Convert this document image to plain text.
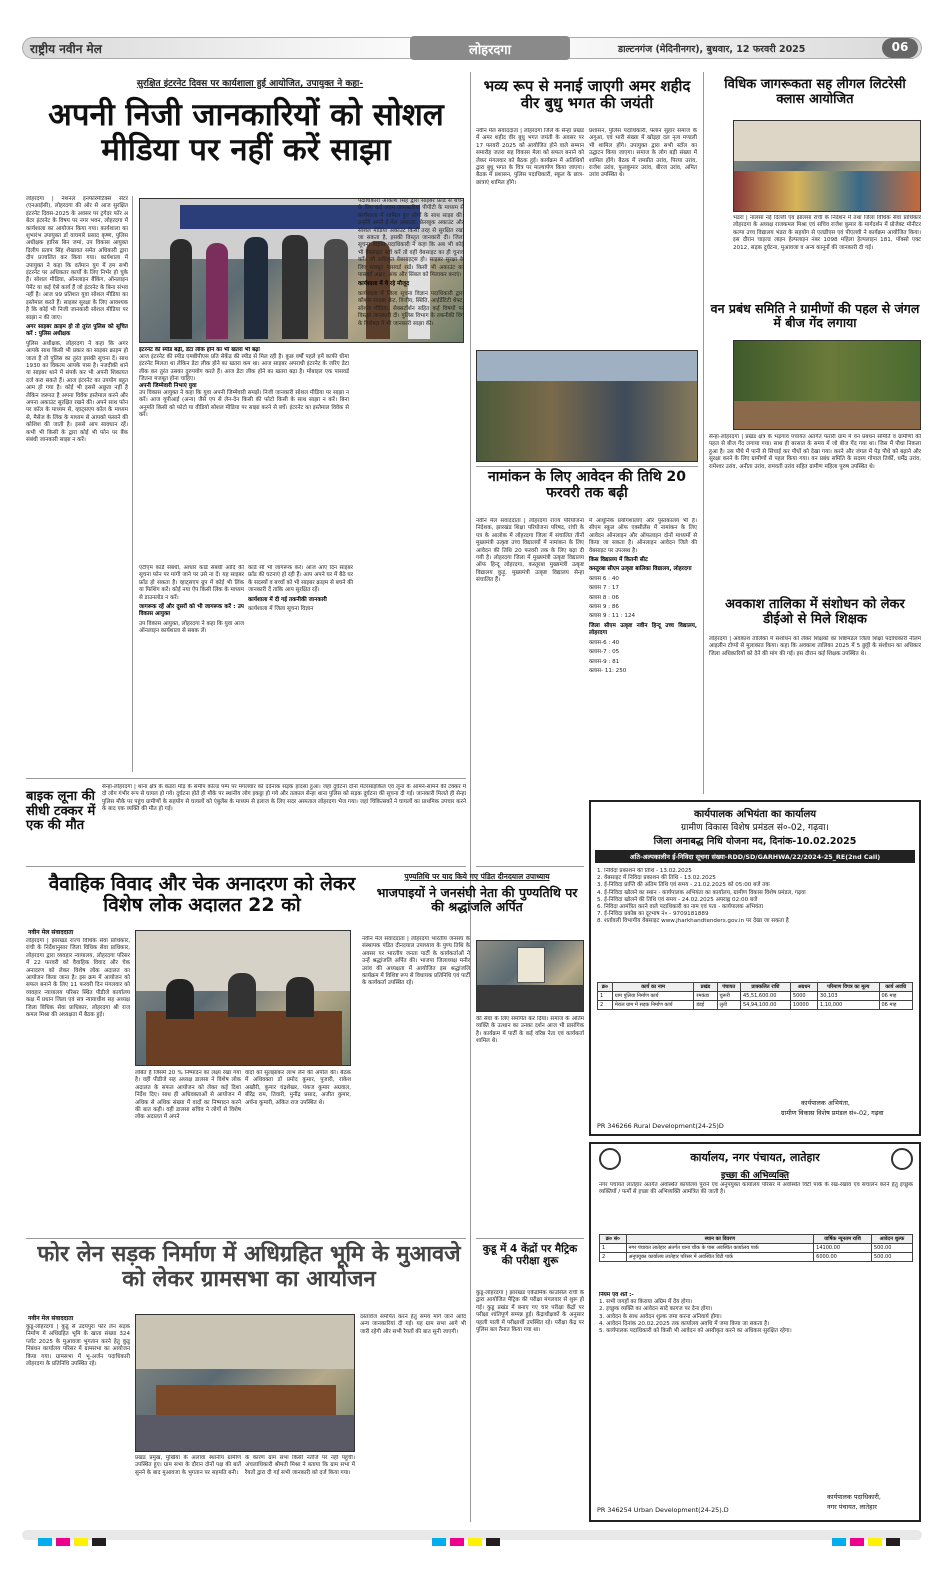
राष्ट्रीय नवीन मेल	लोहरदगा	डाल्टनगंज (मेदिनीनगर), बुधवार, 12 फरवरी 2025	06
सुरक्षित इंटरनेट दिवस पर कार्यशाला हुई आयोजित, उपायुक्त ने कहा-
अपनी निजी जानकारियों को सोशल मीडिया पर नहीं करें साझा

लोहरदगा | नेशनल इनफॉरमेटिक्स सेंटर (एनआईसी), लोहरदगा की ओर से आज सुरक्षित इंटरनेट दिवस-2025 के अवसर पर ट्रगेदर फॉर अ बेटर इंटरनेट के विषय पर नगर भवन, लोहरदगा में कार्यशाला का आयोजन किया गया। कार्यशाला का शुभारंभ उपायुक्त डॉ वाघमारे प्रसाद कृष्ण, पुलिस अधीक्षक हारिस बिन जमां, उप विकास आयुक्त दिलीप प्रताप सिंह शेखावत समेत अधिकारी द्वारा दीप प्रज्वलित कर किया गया। कार्यशाला में उपायुक्त ने कहा कि वर्तमान युग में हम सभी इंटरनेट पर अधिकतर कार्यों के लिए निर्भर हो चुके हैं। सोशल मीडिया, ऑनलाइन बैंकिंग, ऑनलाइन पेमेंट या कई ऐसे कार्य हैं जो इंटरनेट के बिना संभव नहीं है। आज 99 प्रतिशत युवा सोशल मीडिया का इस्तेमाल करते हैं। साइबर सुरक्षा के लिए आवश्यक है कि कोई भी निजी जानकारी सोशल मीडिया पर साझा न की जाए।

अगर साइबर क्राइम हो तो तुरंत पुलिस को सूचित करें : पुलिस अधीक्षक

पुलिस अधीक्षक, लोहरदगा ने कहा कि अगर आपके साथ किसी भी प्रकार का साइबर क्राइम हो जाता है तो पुलिस का तुरंत इसकी सूचना दें। साथ 1930 का विकल्प आपके पास है। नजदीकी थाने या साइबर थाने में संपर्क कर भी अपनी शिकायत दर्ज करा सकते हैं। आज इंटरनेट का उपयोग बहुत आम हो गया है। कोई भी इससे अछूता नहीं है लेकिन जरूरत है अपना विवेक इस्तेमाल करने और अपना अकाउंट सुरक्षित रखने की। अपने साथ फोन पर कॉल के माध्यम से, व्हाट्सएप कॉल के माध्यम से, मैसेज के लिंक के माध्यम से आपको फंसाने की कोशिश की जाती है। इससे आप सावधान रहें। कभी भी किसी के द्वारा कोई भी फोन पर बैंक संबंधी जानकारी साझा न करें।

इंटरनेट की स्पीड बढ़ी, डेटा लीक होने का भी खतरा भी बढ़ा

आज इंटरनेट की स्पीड एमबीपीएस प्रति सेकेंड की स्पीड से मिल रही है। कुछ वर्षों पहले हमें काफी धीमा इंटरनेट मिलता था लेकिन डेटा लीक होने का खतरा कम था। आज साइबर अपराधी इंटरनेट के जरिए डेटा लीक कर तुरंत उसका दुरुपयोग करते हैं। आज डेटा लीक होने का खतरा बढ़ा है। मोबाइल एक पासवर्ड जितना मजबूत होना चाहिए।

अपनी जिम्मेवारी निभाएं युवा

उप विकास आयुक्त ने कहा कि युवा अपनी जिम्मेवारी समझें। निजी जानकारी सोशल मीडिया पर साझा न करें। आज यूपीआई (अन्य) जैसे एप से लेन-देन किसी की फोटो किसी के साथ साझा न करें। बिना अनुमति किसी को फोटो या वीडियो सोशल मीडिया पर साझा करने से बचें। इंटरनेट का इस्तेमाल विवेक से करें।

पदाधिकारी आकाश सिंह द्वारा साइबर फ्रॉड से बचने के लिए कई अहम जानकारियां पीपीटी के माध्यम से कार्यशाला में शामिल हुए लोगों के साथ साझा की। उन्होंने अपने ई-मेल अकाउंट, फ्रेसबुक अकाउंट और सोशल मीडिया अकाउंट किसी तरह से सुरक्षित रखा जा सकता है, इसकी विस्तृत जानकारी दी। जिला सूचना विज्ञान पदाधिकारी ने कहा कि अब भी कोई भी वेबसाइट सर्च करें तो वहीं वेबसाइट का ही चुनाव करें। जो अधिकृत वेबसाइट्स हो। साइबर सुरक्षा के लिए मजबूत पासवर्ड रखें। किसी भी अकाउंट का पासवर्ड अक्षर, अंक और सिंबल को मिलाकर बनाएं।

कार्यशाला में ये रहे मौजूद

कार्यशाला में जिला सूचना विज्ञान पदाधिकारी द्वारा कौशल साइबर क्रेट, वित्तीय, स्थिति, आईडेंटिटी थेफ्ट, सोशल मीडिया, सेक्सटॉर्शन सहित कई विषयों पर विस्तृत जानकारी दी। पुलिस विभाग के तकनीकी विंग के विशेषज्ञ ने भी जानकारी साझा की।

एटीएम कार्ड संबंधी, आधार कार्ड संबंधी आदि की सूचना फोन पर मांगी जाने पर उसे ना दें। यह साइबर फ्रॉड हो सकता है। व्हाट्सएप ग्रुप में कोई भी लिंक या फिशिंग करें। कोई नया ऐप किसी लिंक के माध्यम से डाउनलोड न करें।

जागरूक रहें और दूसरों को भी जागरूक करें : उप विकास आयुक्त

उप विकास आयुक्त, लोहरदगा ने कहा कि युवा आज ऑनलाइन कार्यशाला से सबक लें।

कार्ड सी भी जागरूक करें। आज आए दिन साइबर फ्रॉड की घटनाएं हो रही हैं। आप अपने घर में बैठे घर के सदस्यों व बच्चों को भी साइबर क्राइम से बचने की जानकारी दें ताकि आप सुरक्षित रहें।

कार्यशाला में दी गई तकनीकी जानकारी

कार्यशाला में जिला सूचना विज्ञान

बाइक लूना की सीधी टक्कर में एक की मौत
सेन्हा-लोहरदगा | थाना क्षेत्र के कंडरा मोड़ के समीप कोल्ड पम्प पर मंगलवार को दर्दनाक सड़क हादसा हुआ। जहां दुर्घटना दोनों मेटरसाइकिल एवं लूना के आमने-सामने की टक्कर में दो लोग गंभीर रूप से घायल हो गये। दुर्घटना होते ही मौके पर स्थानीय लोग इकट्ठा हो गये और तत्काल सेन्हा थाना पुलिस को सड़क दुर्घटना की सूचना दी गई। जानकारी मिलते ही सेन्हा पुलिस मौके पर पहुंच ग्रामीणों के सहयोग से घायलों को एंबुलेंस के माध्यम से इलाज के लिए सदर अस्पताल लोहरदगा भेज गया। जहां चिकित्सकों ने घायलों का प्राथमिक उपचार करने के बाद एक व्यक्ति की मौत हो गई।
वैवाहिक विवाद और चेक अनादरण को लेकर विशेष लोक अदालत 22 को
नवीन मेल संवाददाता
लोहरदगा | झारखंड राज्य विधिक सेवा प्राधिकार, रांची के निर्देशानुसार जिला विधिक सेवा प्राधिकार, लोहरदगा द्वारा व्यवहार न्यायालय, लोहरदगा परिसर में 22 फरवरी को वैवाहिक विवाद और चेक अनादरण को लेकर विशेष लोक अदालत का आयोजन किया जाना है। इस क्रम में आयोजन को सफल बनाने के लिए 11 फरवरी दिन मंगलवार को व्यवहार न्यायालय परिसर स्थित पीडीजे कार्यालय कक्ष में प्रधान जिला एवं सत्र न्यायाधीश सह अध्यक्ष जिला विधिक सेवा प्राधिकार, लोहरदगा श्री राज कमल मिश्रा की अध्यक्षता में बैठक हुई।
लंबित हैं जिसमें 20 % निष्पादन का लक्ष्य रखा गया है। वहीं पीडीजे सह अध्यक्ष डालसा ने विशेष लोक अदालत के सफल आयोजन को लेकर कई दिशा निर्देश दिए। साथ ही अधिवक्ताओं से आयोजन में अधिक से अधिक संख्या में वादों का निष्पादन करने की बात कही। वहीं डालसा सचिव ने लोगों से विशेष लोक अदालत में अपने
वादों को सुलझाकर लाभ लेने की अपील की। बैठक में अधिवक्ता डॉ प्रमोद कुमार, पुजारी, राकेश अखौरी, कुमार चंद्रशेखर, पंकज कुमार अग्रवाल, बीरेंद्र राम, तिवारी, मुनींद्र प्रसाद, अजीत कुमार, अर्चना कुमारी, अंकित राज उपस्थित थे।
फोर लेन सड़क निर्माण में अधिग्रहित भूमि के मुआवजे को लेकर ग्रामसभा का आयोजन
नवीन मेल संवाददाता
कुडू-लोहरदगा | कुडू से उदयपुरा फोर लेन सड़क निर्माण में अधिग्रहित भूमि के खाता संख्या 324 प्लॉट 2025 के मुआवजा भुगतान करने हेतु कुडू निबंधन कार्यालय परिसर में ग्रामसभा का आयोजन किया गया। ग्रामसभा में भू-अर्जन पदाधिकारी लोहरदगा के प्रतिनिधि उपस्थित रहे।
प्रखंड प्रमुख, मुखिया के अलावा स्थानीय ग्रामीण उपस्थित हुए। ग्राम सभा के दौरान दोनों पक्ष की बातें सुनने के बाद मुआवजा के भुगतान पर सहमति बनी।
के कारण ग्राम सभा किसी नतीजे पर नहीं पहुंची। अंचलाधिकारी श्रीमती मिश्रा ने बताया कि ग्राम सभा में रैयतों द्वारा दी गई सभी जानकारी को दर्ज किया गया।
दस्तावेज समर्पित करने हेतु समय मांगे जाने आदि अन्य जानकारियां दी गई। यह ग्राम सभा आगे भी जारी रहेगी और सभी रैयतों की बात सुनी जाएगी।
भव्य रूप से मनाई जाएगी अमर शहीद वीर बुधु भगत की जयंती
नवीन मेल संवाददाता | लोहरदगा जिले के सेन्हा प्रखंड में अमर शहीद वीर बुधु भगत जयंती के अवसर पर 17 फरवरी 2025 को आयोजित होने वाले सम्मान समारोह जतरा सह विकास मेला को सफल बनाने को लेकर मंगलवार को बैठक हुई। कार्यक्रम में अतिथियों द्वारा बुधु भगत के चित्र पर माल्यार्पण किया जाएगा। बैठक में प्रशासन, पुलिस पदाधिकारी, स्कूल के छात्र-छात्राएं शामिल होंगे।
प्रशासन, पुलिस पदाधिकारी, फ्लान सुहार समाज के अगुआ, एवं भारी संख्या में खोड़हा दल नृत्य मण्डली भी शामिल होंगे। उपायुक्त द्वारा सभी स्टॉल का उद्घाटन किया जाएगा। समाज के लोग बड़ी संख्या में शामिल होंगे। बैठक में रामप्रीत उरांव, पिरया उरांव, राजेश उरांव, फुलकुमार उरांव, बीरज उरांव, अमित उरांव उपस्थित थे।
नामांकन के लिए आवेदन की तिथि 20 फरवरी तक बढ़ी
नवीन मेल संवाददाता | लोहरदगा राज्य परियोजना निदेशक, झारखंड शिक्षा परियोजना परिषद, रांची के पत्र के आलोक में लोहरदगा जिला में संचालित तीनों मुख्यमंत्री उत्कृष्ट उच्च विद्यालयों में नामांकन के लिए आवेदन की तिथि 20 फरवरी तक के लिए बढ़ा दी गयी है। लोहरदगा जिला में मुख्यमंत्री उत्कृष्ट विद्यालय ऑफ हिन्दू लोहरदगा, कस्तूरबा मुख्यमंत्री उत्कृष्ट विद्यालय कुड़ु, मुख्यमंत्री उत्कृष्ट विद्यालय सेन्हा संचालित हैं।

में आधुनिक प्रयोगशालाएं और पुस्तकालय भी हैं। सीएम स्कूल ऑफ एक्सीलेंस में नामांकन के लिए आवेदन ऑनलाइन और ऑफलाइन दोनों माध्यमों से किया जा सकता है। ऑनलाइन आवेदन जिले की वेबसाइट पर उपलब्ध है।

किस विद्यालय में कितनी सीट

कस्तूरबा सीएम उत्कृष्ट बालिका विद्यालय, लोहरदगा

क्लास 6 : 40

क्लास 7 : 17

क्लास 8 : 06

क्लास 9 : 86

क्लास 9 : 11 : 124

जिला सीएम उत्कृष्ट नवीन हिन्दू उच्च विद्यालय, लोहरदगा

क्लास-6 : 40

क्लास-7 : 05

क्लास-9 : 81

क्लास- 11: 250

विधिक जागरूकता सह लीगल लिटरेसी क्लास आयोजित
भंडरा | नालसा नई दिल्ली एवं झालसा रांची के निर्देशन में तथा जिला विधिक सेवा प्राधिकार लोहरदगा के अध्यक्ष राजकमल मिश्रा एवं सचिव राजेश कुमार के मार्गदर्शन में प्रोजेक्ट मोनीटर कल्पा उच्च विद्यालय भंडरा के सहयोग से एलडीएस एवं पीएलवी ने कार्यक्रम आयोजित किया। इस दौरान चाइल्ड लाइन हेल्पलाइन नंबर 1098 महिला हेल्पलाइन 181, पॉक्सो एक्ट 2012, सड़क दुर्घटना, मुआवजा व अन्य कानूनों की जानकारी दी गई।
वन प्रबंध समिति ने ग्रामीणों की पहल से जंगल में बीज गेंद लगाया
सेन्हा-लोहरदगा | प्रखंड क्षेत्र के भड़गांव पंचायत अंतर्गत फरारी ग्राम में वन प्रबंधन समिति व ग्रामीणों की पहल से बीज गेंद लगाया गया। साथ ही बरसात के समय में जो बीज गेंद गया था। जिस में पौधा निकला हुआ है। उस पौधे में पानी से सिंचाई कर पौधों को देखा गया। करने और जंगल में पेड़ पौधे को बढ़ाने और सुरक्षा करने के लिए ग्रामीणों से पहल किया गया। वन प्रबंध समिति के सदस्य गोपाल तिर्की, धर्मेंद्र उरांव, रामेश्वर उरांव, अनीता उरांव, रामवती उरांव सहित ग्रामीण महिला पुरुष उपस्थित थे।
अवकाश तालिका में संशोधन को लेकर डीईओ से मिले शिक्षक
लोहरदगा | अवकाश तालिका में संशोधन को लेकर शिक्षकों का शिष्टमंडल जिला शिक्षा पदाधिकारी नीलम आइलीन टोप्पो से मुलाकात किया। कहा कि अवकाश तालिका 2025 में 5 छुट्टी के संशोधन का अधिकार जिला अधिकारियों को देने की मांग की गई। इस दौरान कई शिक्षक उपस्थित थे।
कार्यपालक अभियंता का कार्यालय
ग्रामीण विकास विशेष प्रमंडल सं०-02, गढ़वा।
जिला अनाबद्ध निधि योजना मद, दिनांक-10.02.2025
अति-अल्पकालीन ई-निविदा सूचना संख्या-RDD/SD/GARHWA/22/2024-25_RE(2nd Call)

1. निविदा प्रकाशन की तिथि - 13.02.2025

2. वेबसाइट में निविदा प्रकाशन की तिथि - 13.02.2025

3. ई-निविदा प्राप्ति की अंतिम तिथि एवं समय - 21.02.2025 को 05:00 बजे तक

4. ई-निविदा खोलने का स्थान - कार्यपालक अभियंता का कार्यालय, ग्रामीण विकास विशेष प्रमंडल, गढ़वा

5. ई-निविदा खोलने की तिथि एवं समय - 24.02.2025 अपराह्न 02:00 बजे

6. निविदा आमंत्रित करने वाले पदाधिकारी का नाम एवं पता - कार्यपालक अभियंता

7. ई-निविदा प्रकोष्ठ का दूरभाष नं० - 9709181889

8. शर्तावली विभागीय वेबसाइट www.jharkhandtenders.gov.in पर देखा जा सकता है

क्र०	कार्य का नाम	प्रखंड	पंचायत	प्राक्कलित राशि	अग्रधन	परिमाण विपत्र का मूल्य	कार्य अवधि
1	ग्राम पुलिया निर्माण कार्य	रमकंडा	चुरूरी	45,51,600.00	5000	30,103	06 माह
2	मेराल ग्राम में सड़क निर्माण कार्य	डंडई	लुती	54,94,100.00	10000	1,10,000	06 माह
कार्यपालक अभियंता,
ग्रामीण विकास विशेष प्रमंडल सं०-02, गढ़वा
PR 346266 Rural Development(24-25)D
कार्यालय, नगर पंचायत, लातेहार
इच्छा की अभिव्यक्ति
नगर पंचायत लातेहार अंतर्गत अवस्थित कार्यालय पुराने एवं अनुपयुक्त कार्यालय परिसर में अवस्थित विटी पार्क के रख-रखाव एवं संचालन करने हेतु इच्छुक व्यक्तियों / फर्मों से इच्छा की अभिव्यक्ति आमंत्रित की जाती है।
क्र० सं०	स्थान का विवरण	वार्षिक न्यूनतम राशि	आवेदन शुल्क
1	नगर पंचायत लातेहार अंतर्गत थाना चौक के पास अवस्थित कार्यालय पार्क	14100.00	500.00
2	अनुपयुक्त कार्यालय लातेहार परिसर में अवस्थित विटी पार्क	6000.00	500.00

नियम एवं शर्तें :-

1. सभी जगहों का किराया अग्रिम में देय होगा।

2. इच्छुक व्यक्ति का आवेदन सादे कागज पर देना होगा।

3. आवेदन के साथ आवेदन शुल्क जमा करना अनिवार्य होगा।

4. आवेदन दिनांक 20.02.2025 तक कार्यालय अवधि में जमा किया जा सकता है।

5. कार्यपालक पदाधिकारी को किसी भी आवेदन को अस्वीकृत करने का अधिकार सुरक्षित रहेगा।

कार्यपालक पदाधिकारी,
नगर पंचायत, लातेहार
PR 346254 Urban Development(24-25).D
पुण्यतिथि पर याद किये गए पंडित दीनदयाल उपाध्याय
भाजपाइयों ने जनसंघी नेता की पुण्यतिथि पर की श्रद्धांजलि अर्पित
नवीन मेल संवाददाता | लोहरदगा भारतीय जनसंघ के संस्थापक पंडित दीनदयाल उपाध्याय के पुण्य तिथि के अवसर पर भारतीय जनता पार्टी के कार्यकर्ताओं ने उन्हें श्रद्धांजलि अर्पित की। भाजपा जिलाध्यक्ष मनीर उरांव की अध्यक्षता में आयोजित इस श्रद्धांजलि कार्यक्रम में विशिष्ट रूप से विधायक प्रतिनिधि एवं पार्टी के कार्यकर्ता उपस्थित रहे।
की सेवा के लिए समर्पित कर दिया। समाज के अंतिम व्यक्ति के उत्थान का उनका दर्शन आज भी प्रासंगिक है। कार्यक्रम में पार्टी के कई वरिष्ठ नेता एवं कार्यकर्ता शामिल थे।
कुडू में 4 केंद्रों पर मैट्रिक की परीक्षा शुरू
कुडू-लोहरदगा | झारखंड एकेडमिक काउंसिल रांची के द्वारा आयोजित मैट्रिक की परीक्षा मंगलवार से शुरू हो गई। कुडू प्रखंड में बनाए गए चार परीक्षा केंद्रों पर परीक्षा शांतिपूर्ण सम्पन्न हुई। केंद्राधीक्षकों के अनुसार पहली पाली में परीक्षार्थी उपस्थित रहे। परीक्षा केंद्र पर पुलिस बल तैनात किया गया था।
